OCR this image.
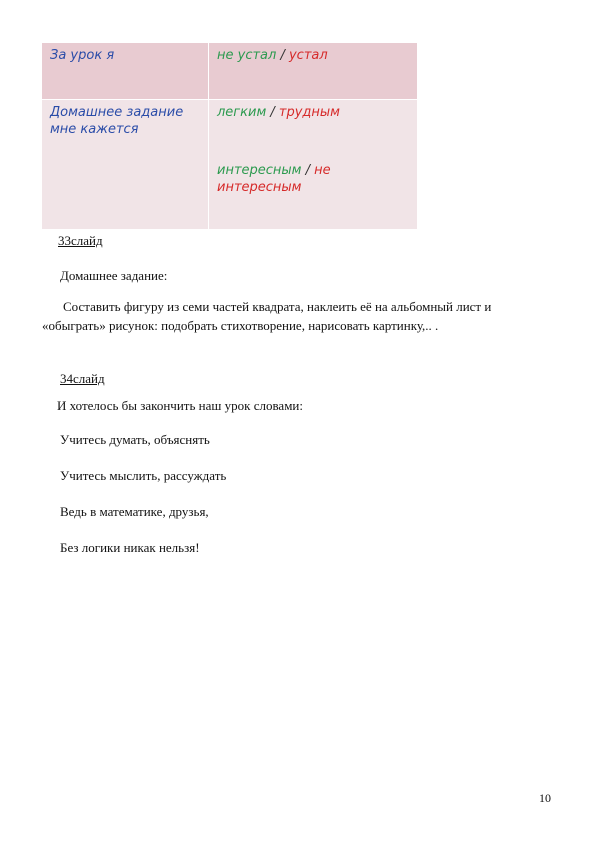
За урок я	не устал / устал
Домашнее задание мне кажется	легким / трудным
интересным / не интересным
33слайд
Домашнее задание:
Составить фигуру из семи частей квадрата, наклеить её на альбомный лист и
«обыграть» рисунок: подобрать стихотворение, нарисовать картинку,.. .
34слайд
И хотелось бы закончить наш урок словами:
Учитесь думать, объяснять
Учитесь мыслить, рассуждать
Ведь в математике, друзья,
Без логики никак нельзя!
10
